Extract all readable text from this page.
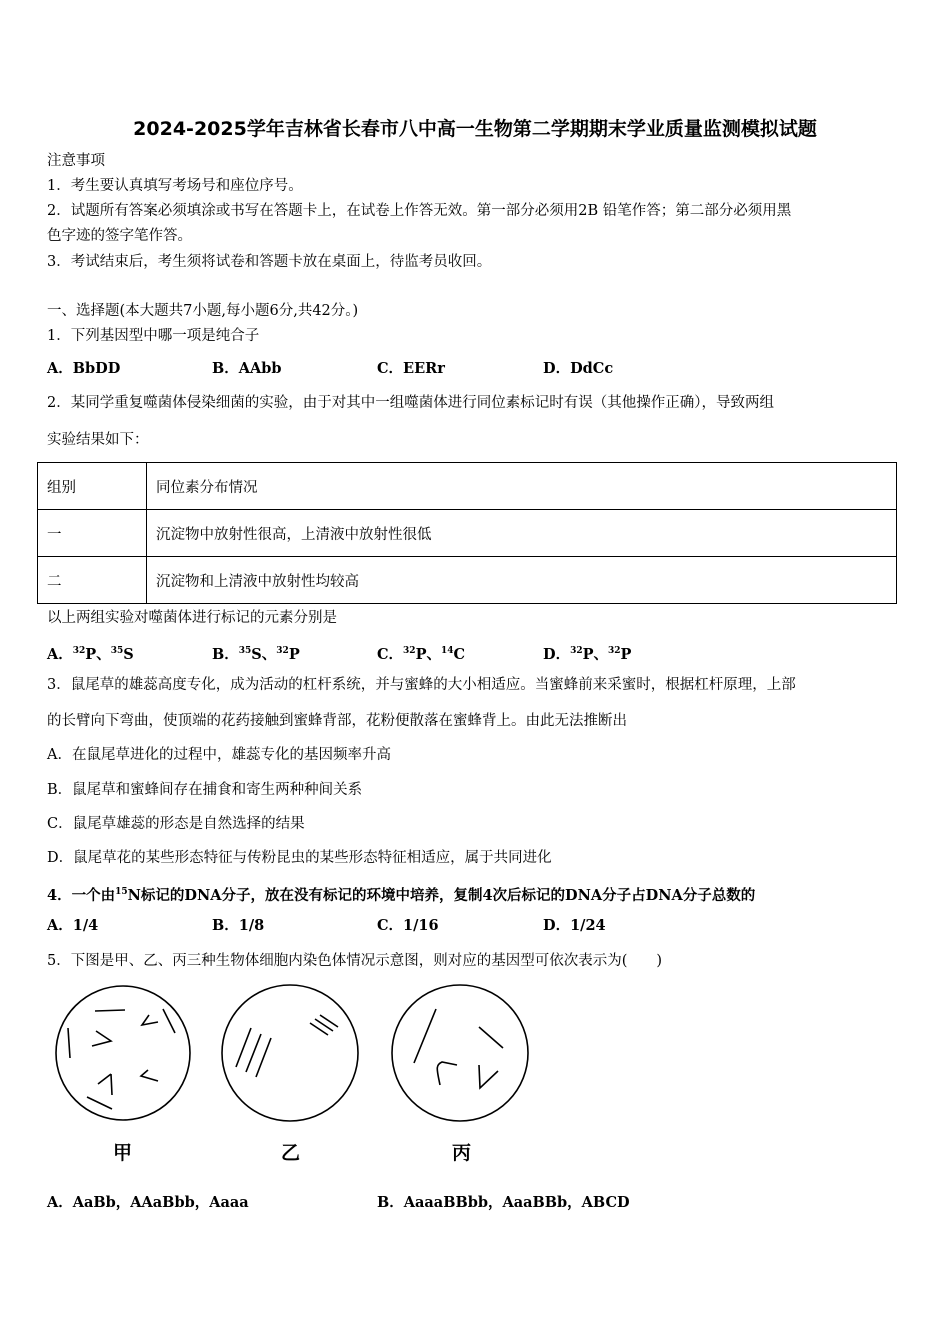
2024-2025学年吉林省长春市八中高一生物第二学期期末学业质量监测模拟试题
注意事项
1．考生要认真填写考场号和座位序号。
2．试题所有答案必须填涂或书写在答题卡上，在试卷上作答无效。第一部分必须用2B 铅笔作答；第二部分必须用黑
色字迹的签字笔作答。
3．考试结束后，考生须将试卷和答题卡放在桌面上，待监考员收回。
一、选择题(本大题共7小题,每小题6分,共42分。)
1．下列基因型中哪一项是纯合子
A．BbDD	B．AAbb	C．EERr	D．DdCc
2．某同学重复噬菌体侵染细菌的实验，由于对其中一组噬菌体进行同位素标记时有误（其他操作正确），导致两组
实验结果如下：
组别	同位素分布情况
一	沉淀物中放射性很高，上清液中放射性很低
二	沉淀物和上清液中放射性均较高
以上两组实验对噬菌体进行标记的元素分别是
A．$^{32}$P、$^{35}$S	B．$^{35}$S、$^{32}$P	C．$^{32}$P、$^{14}$C	D．$^{32}$P、$^{32}$P
3．鼠尾草的雄蕊高度专化，成为活动的杠杆系统，并与蜜蜂的大小相适应。当蜜蜂前来采蜜时，根据杠杆原理，上部
的长臂向下弯曲，使顶端的花药接触到蜜蜂背部，花粉便散落在蜜蜂背上。由此无法推断出
A．在鼠尾草进化的过程中，雄蕊专化的基因频率升高
B．鼠尾草和蜜蜂间存在捕食和寄生两种种间关系
C．鼠尾草雄蕊的形态是自然选择的结果
D．鼠尾草花的某些形态特征与传粉昆虫的某些形态特征相适应，属于共同进化
4．一个由$^{15}$N标记的DNA分子，放在没有标记的环境中培养，复制4次后标记的DNA分子占DNA分子总数的
A．1/4	B．1/8	C．1/16	D．1/24
5．下图是甲、乙、丙三种生物体细胞内染色体情况示意图，则对应的基因型可依次表示为(　　)
甲	乙	丙
A．AaBb，AAaBbb，Aaaa	B．AaaaBBbb，AaaBBb，ABCD
